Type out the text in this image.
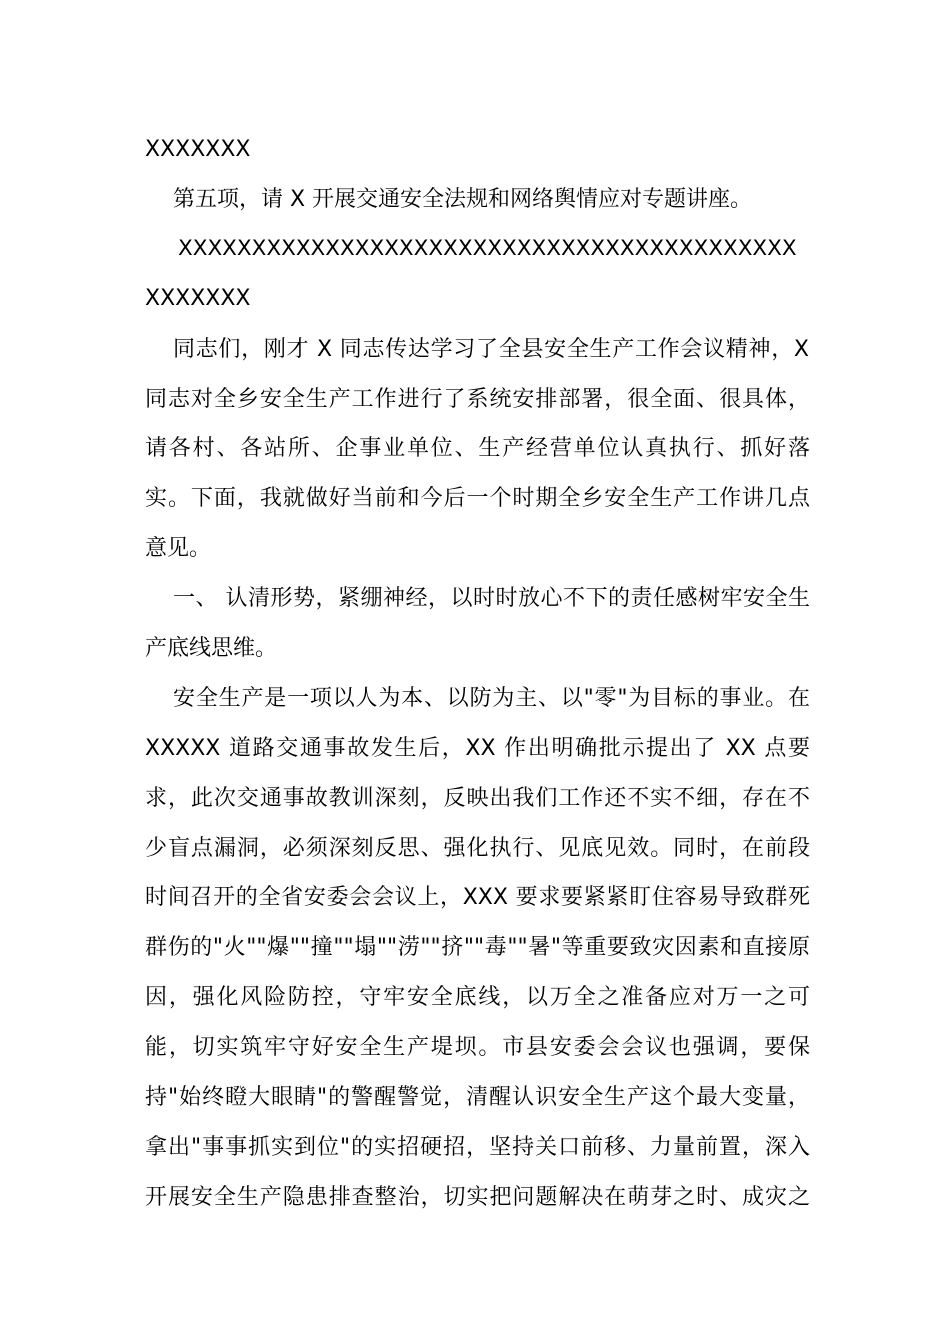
XXXXXXX
第五项，请 X 开展交通安全法规和网络舆情应对专题讲座。
XXXXXXXXXXXXXXXXXXXXXXXXXXXXXXXXXXXXXXXXXX
XXXXXXX
同志们，刚才 X 同志传达学习了全县安全生产工作会议精神，X
同志对全乡安全生产工作进行了系统安排部署，很全面、很具体，
请各村、各站所、企事业单位、生产经营单位认真执行、抓好落
实。下面，我就做好当前和今后一个时期全乡安全生产工作讲几点
意见。
一、 认清形势，紧绷神经，以时时放心不下的责任感树牢安全生
产底线思维。
安全生产是一项以人为本、以防为主、以"零"为目标的事业。在
XXXXX 道路交通事故发生后，XX 作出明确批示提出了 XX 点要
求，此次交通事故教训深刻，反映出我们工作还不实不细，存在不
少盲点漏洞，必须深刻反思、强化执行、见底见效。同时，在前段
时间召开的全省安委会会议上，XXX 要求要紧紧盯住容易导致群死
群伤的"火""爆""撞""塌""涝""挤""毒""暑"等重要致灾因素和直接原
因，强化风险防控，守牢安全底线，以万全之准备应对万一之可
能，切实筑牢守好安全生产堤坝。市县安委会会议也强调，要保
持"始终瞪大眼睛"的警醒警觉，清醒认识安全生产这个最大变量，
拿出"事事抓实到位"的实招硬招，坚持关口前移、力量前置，深入
开展安全生产隐患排查整治，切实把问题解决在萌芽之时、成灾之
